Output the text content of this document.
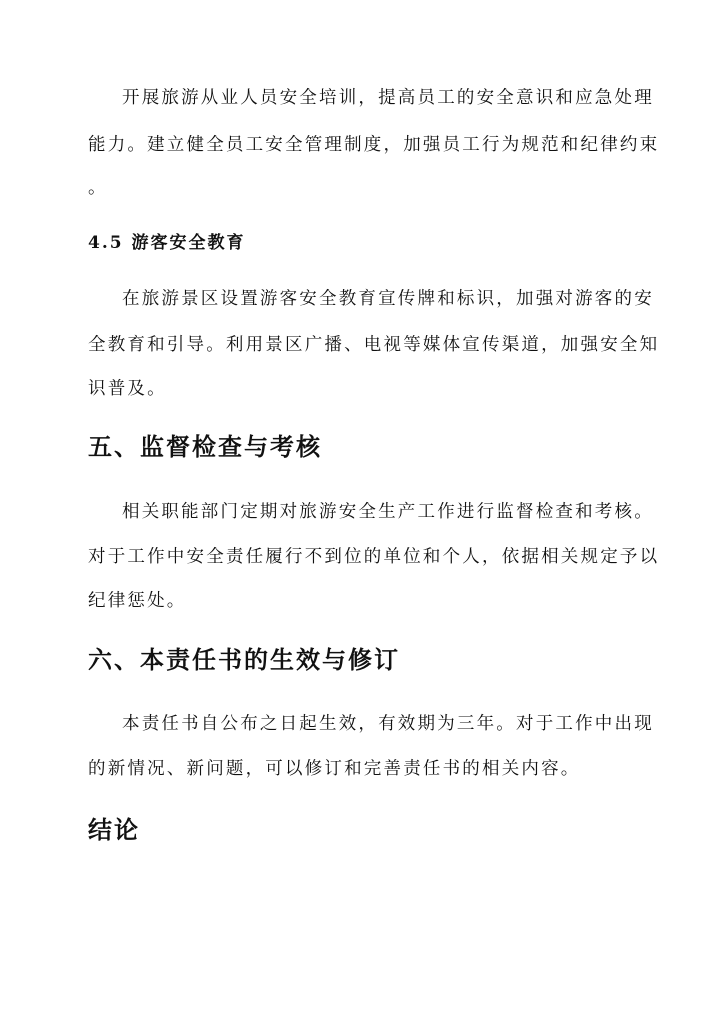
开展旅游从业人员安全培训，提高员工的安全意识和应急处理
能力。建立健全员工安全管理制度，加强员工行为规范和纪律约束
。
4.5 游客安全教育
在旅游景区设置游客安全教育宣传牌和标识，加强对游客的安
全教育和引导。利用景区广播、电视等媒体宣传渠道，加强安全知
识普及。
五、监督检查与考核
相关职能部门定期对旅游安全生产工作进行监督检查和考核。
对于工作中安全责任履行不到位的单位和个人，依据相关规定予以
纪律惩处。
六、本责任书的生效与修订
本责任书自公布之日起生效，有效期为三年。对于工作中出现
的新情况、新问题，可以修订和完善责任书的相关内容。
结论
